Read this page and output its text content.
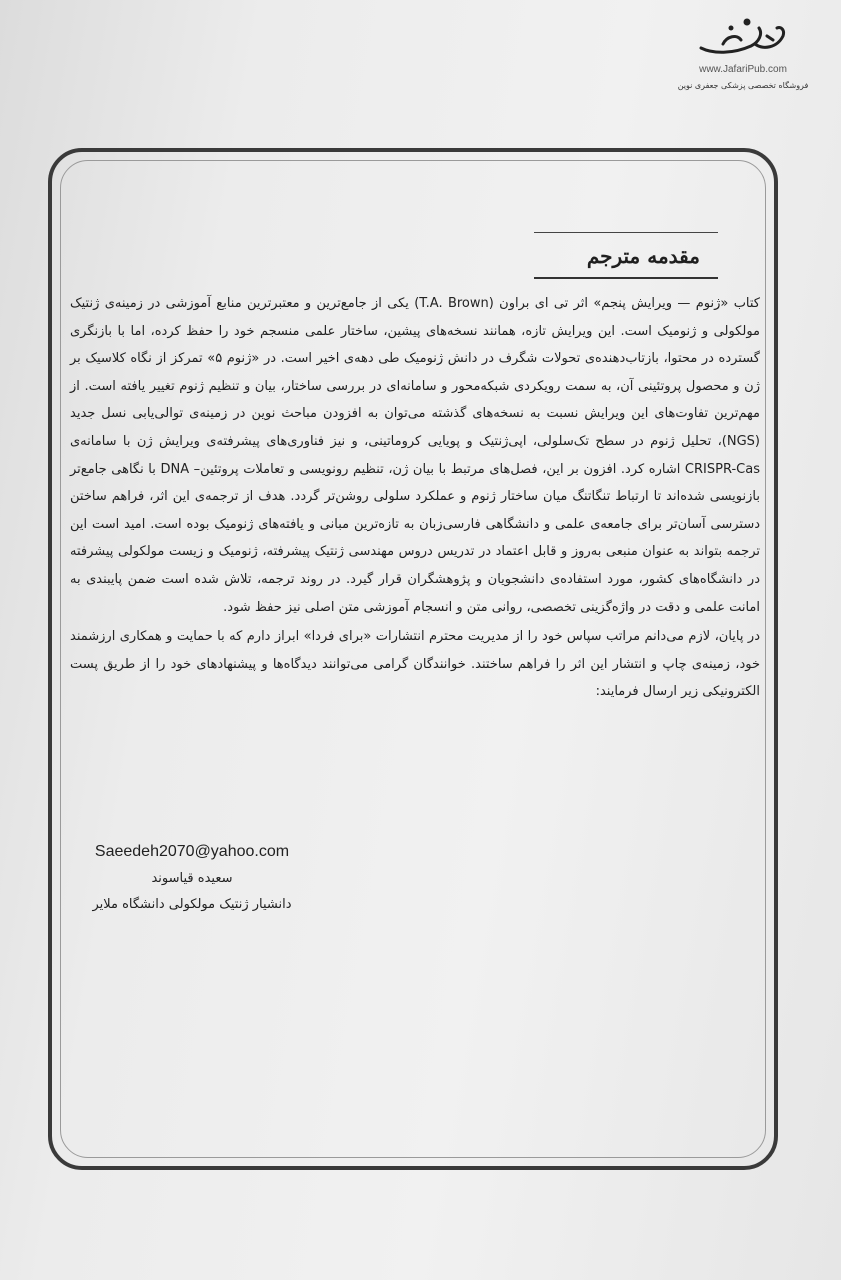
www.JafariPub.com
فروشگاه تخصصی پزشکی جعفری نوین
مقدمه مترجم

کتاب «ژنوم — ویرایش پنجم» اثر تی ای براون (T.A. Brown) یکی از جامع‌ترین و معتبرترین منابع آموزشی در زمینه‌ی ژنتیک مولکولی و ژنومیک است. این ویرایش تازه، همانند نسخه‌های پیشین، ساختار علمی منسجم خود را حفظ کرده، اما با بازنگری گسترده در محتوا، بازتاب‌دهنده‌ی تحولات شگرف در دانش ژنومیک طی دهه‌ی اخیر است. در «ژنوم ۵» تمرکز از نگاه کلاسیک بر ژن و محصول پروتئینی آن، به سمت رویکردی شبکه‌محور و سامانه‌ای در بررسی ساختار، بیان و تنظیم ژنوم تغییر یافته است. از مهم‌ترین تفاوت‌های این ویرایش نسبت به نسخه‌های گذشته می‌توان به افزودن مباحث نوین در زمینه‌ی توالی‌یابی نسل جدید (NGS)، تحلیل ژنوم در سطح تک‌سلولی، اپی‌ژنتیک و پویایی کروماتینی، و نیز فناوری‌های پیشرفته‌ی ویرایش ژن با سامانه‌ی CRISPR-Cas اشاره کرد. افزون بر این، فصل‌های مرتبط با بیان ژن، تنظیم رونویسی و تعاملات پروتئین– DNA با نگاهی جامع‌تر بازنویسی شده‌اند تا ارتباط تنگاتنگ میان ساختار ژنوم و عملکرد سلولی روشن‌تر گردد. هدف از ترجمه‌ی این اثر، فراهم ساختن دسترسی آسان‌تر برای جامعه‌ی علمی و دانشگاهی فارسی‌زبان به تازه‌ترین مبانی و یافته‌های ژنومیک بوده است. امید است این ترجمه بتواند به عنوان منبعی به‌روز و قابل اعتماد در تدریس دروس مهندسی ژنتیک پیشرفته، ژنومیک و زیست مولکولی پیشرفته در دانشگاه‌های کشور، مورد استفاده‌ی دانشجویان و پژوهشگران قرار گیرد. در روند ترجمه، تلاش شده است ضمن پایبندی به امانت علمی و دقت در واژه‌گزینی تخصصی، روانی متن و انسجام آموزشی متن اصلی نیز حفظ شود.

در پایان، لازم می‌دانم مراتب سپاس خود را از مدیریت محترم انتشارات «برای فردا» ابراز دارم که با حمایت و همکاری ارزشمند خود، زمینه‌ی چاپ و انتشار این اثر را فراهم ساختند. خوانندگان گرامی می‌توانند دیدگاه‌ها و پیشنهادهای خود را از طریق پست الکترونیکی زیر ارسال فرمایند:

Saeedeh2070@yahoo.com
سعیده قیاسوند
دانشیار ژنتیک مولکولی دانشگاه ملایر
